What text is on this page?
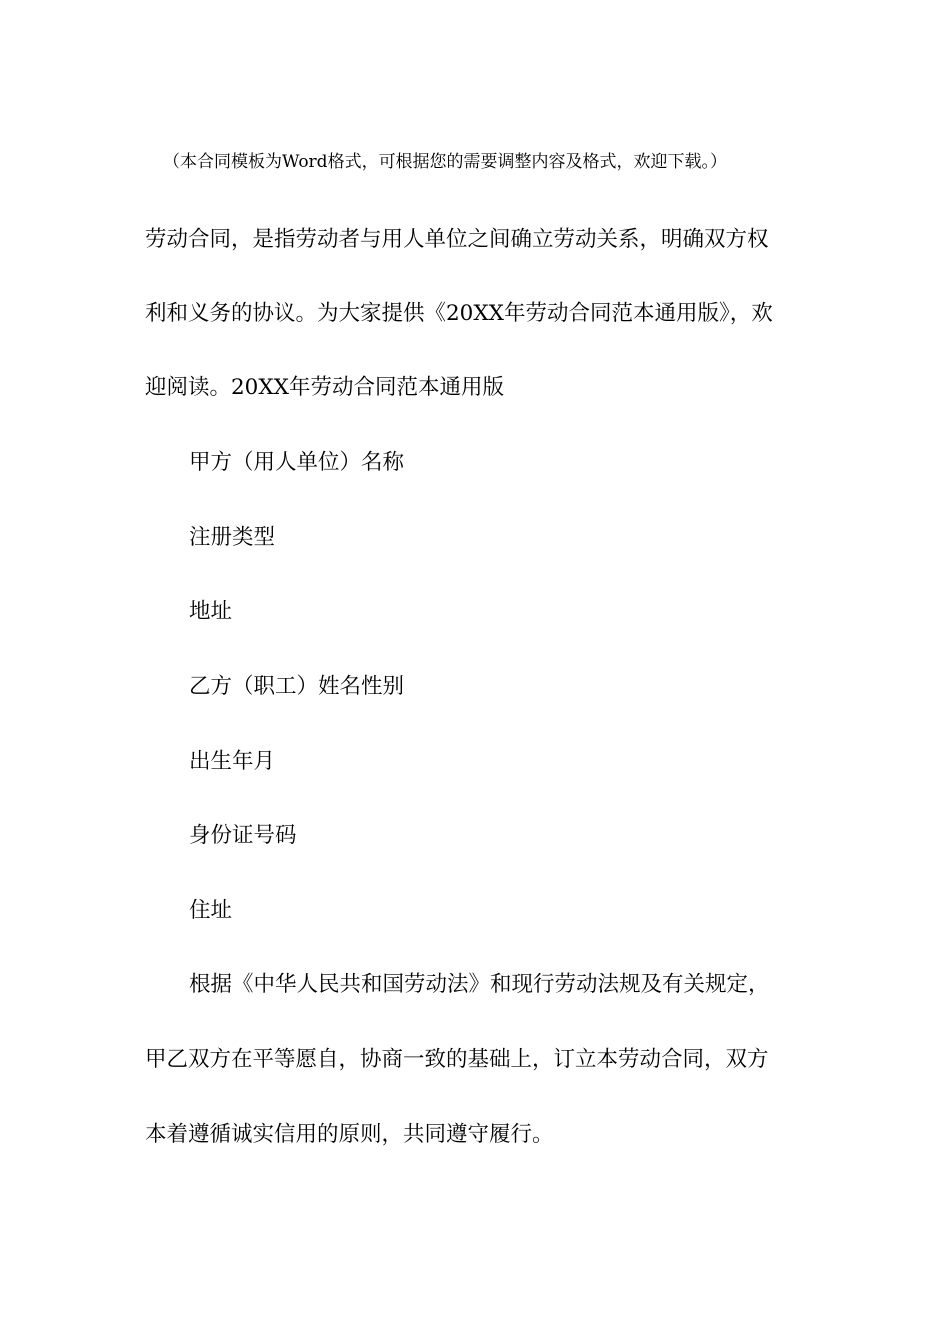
（本合同模板为Word格式，可根据您的需要调整内容及格式，欢迎下载。）
劳动合同，是指劳动者与用人单位之间确立劳动关系，明确双方权
利和义务的协议。为大家提供《20XX年劳动合同范本通用版》，欢
迎阅读。20XX年劳动合同范本通用版
甲方（用人单位）名称
注册类型
地址
乙方（职工）姓名性别
出生年月
身份证号码
住址
根据《中华人民共和国劳动法》和现行劳动法规及有关规定，
甲乙双方在平等愿自，协商一致的基础上，订立本劳动合同，双方
本着遵循诚实信用的原则，共同遵守履行。
